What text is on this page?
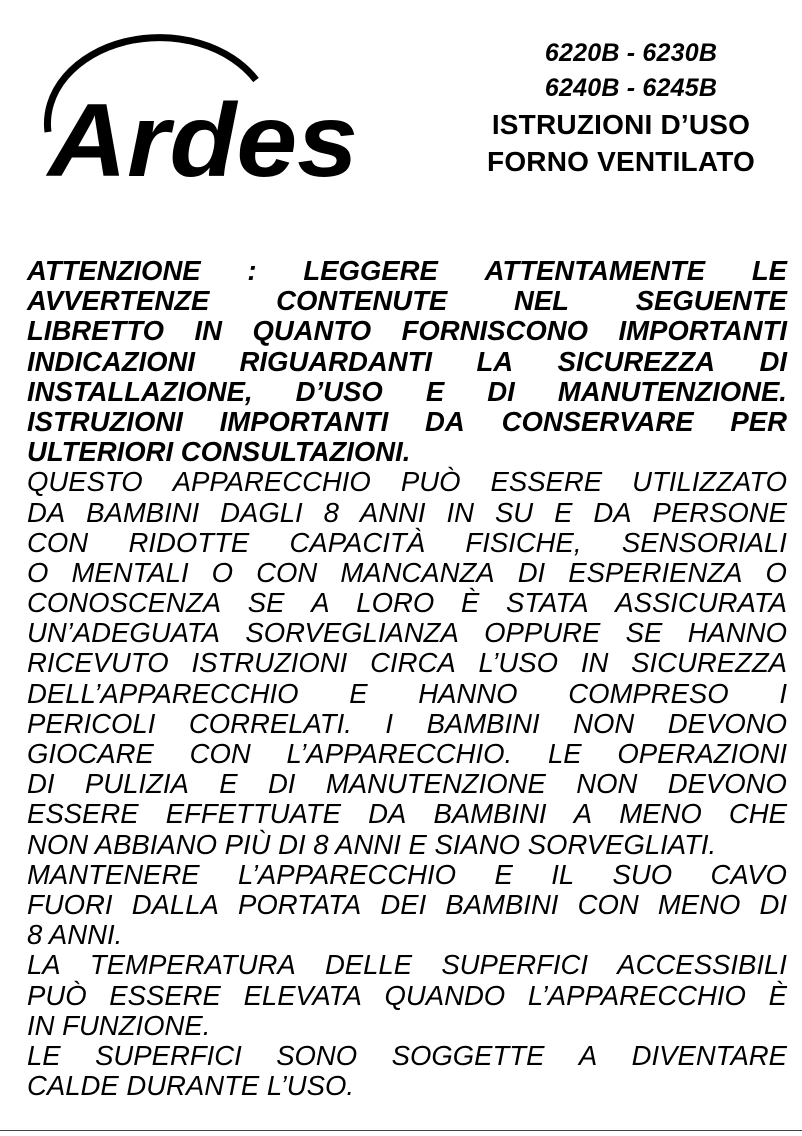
Ardes
6220B - 6230B
6240B - 6245B
ISTRUZIONI D’USO
FORNO VENTILATO
ATTENZIONE : LEGGERE ATTENTAMENTE LE
AVVERTENZE CONTENUTE NEL SEGUENTE
LIBRETTO IN QUANTO FORNISCONO IMPORTANTI
INDICAZIONI RIGUARDANTI LA SICUREZZA DI
INSTALLAZIONE, D’USO E DI MANUTENZIONE.
ISTRUZIONI IMPORTANTI DA CONSERVARE PER
ULTERIORI CONSULTAZIONI.
QUESTO APPARECCHIO PUÒ ESSERE UTILIZZATO
DA BAMBINI DAGLI 8 ANNI IN SU E DA PERSONE
CON RIDOTTE CAPACITÀ FISICHE, SENSORIALI
O MENTALI O CON MANCANZA DI ESPERIENZA O
CONOSCENZA SE A LORO È STATA ASSICURATA
UN’ADEGUATA SORVEGLIANZA OPPURE SE HANNO
RICEVUTO ISTRUZIONI CIRCA L’USO IN SICUREZZA
DELL’APPARECCHIO E HANNO COMPRESO I
PERICOLI CORRELATI. I BAMBINI NON DEVONO
GIOCARE CON L’APPARECCHIO. LE OPERAZIONI
DI PULIZIA E DI MANUTENZIONE NON DEVONO
ESSERE EFFETTUATE DA BAMBINI A MENO CHE
NON ABBIANO PIÙ DI 8 ANNI E SIANO SORVEGLIATI.
MANTENERE L’APPARECCHIO E IL SUO CAVO
FUORI DALLA PORTATA DEI BAMBINI CON MENO DI
8 ANNI.
LA TEMPERATURA DELLE SUPERFICI ACCESSIBILI
PUÒ ESSERE ELEVATA QUANDO L’APPARECCHIO È
IN FUNZIONE.
LE SUPERFICI SONO SOGGETTE A DIVENTARE
CALDE DURANTE L’USO.
